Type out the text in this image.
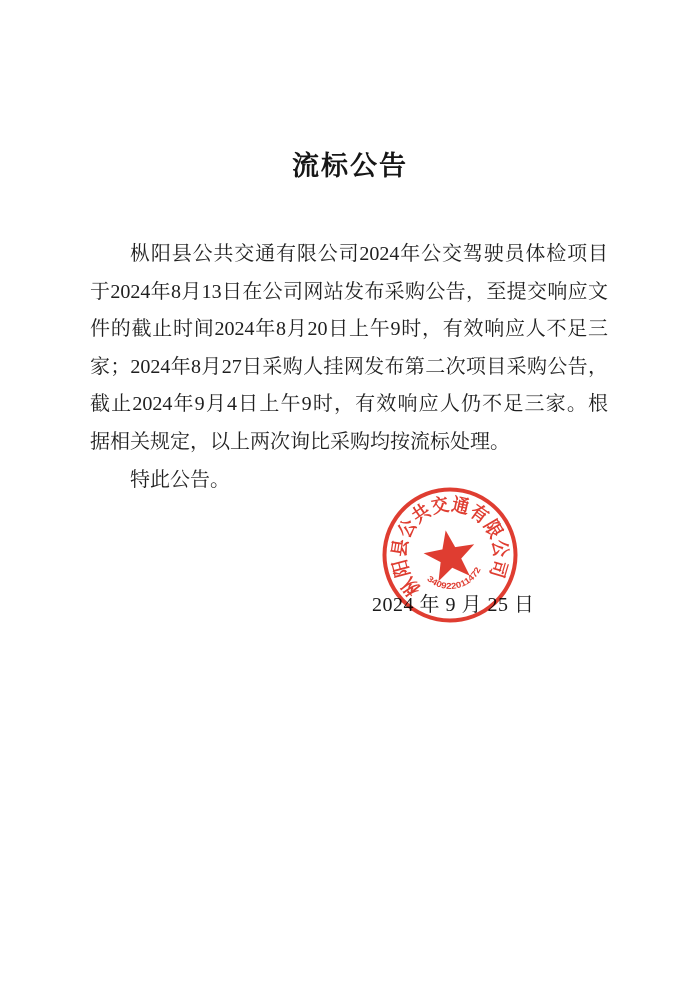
流标公告
枞阳县公共交通有限公司2024年公交驾驶员体检项目
于2024年8月13日在公司网站发布采购公告，至提交响应文
件的截止时间2024年8月20日上午9时，有效响应人不足三
家；2024年8月27日采购人挂网发布第二次项目采购公告，
截止2024年9月4日上午9时，有效响应人仍不足三家。根
据相关规定，以上两次询比采购均按流标处理。
特此公告。
2024 年 9 月 25 日
枞阳县公共交通有限公司
340922011472
